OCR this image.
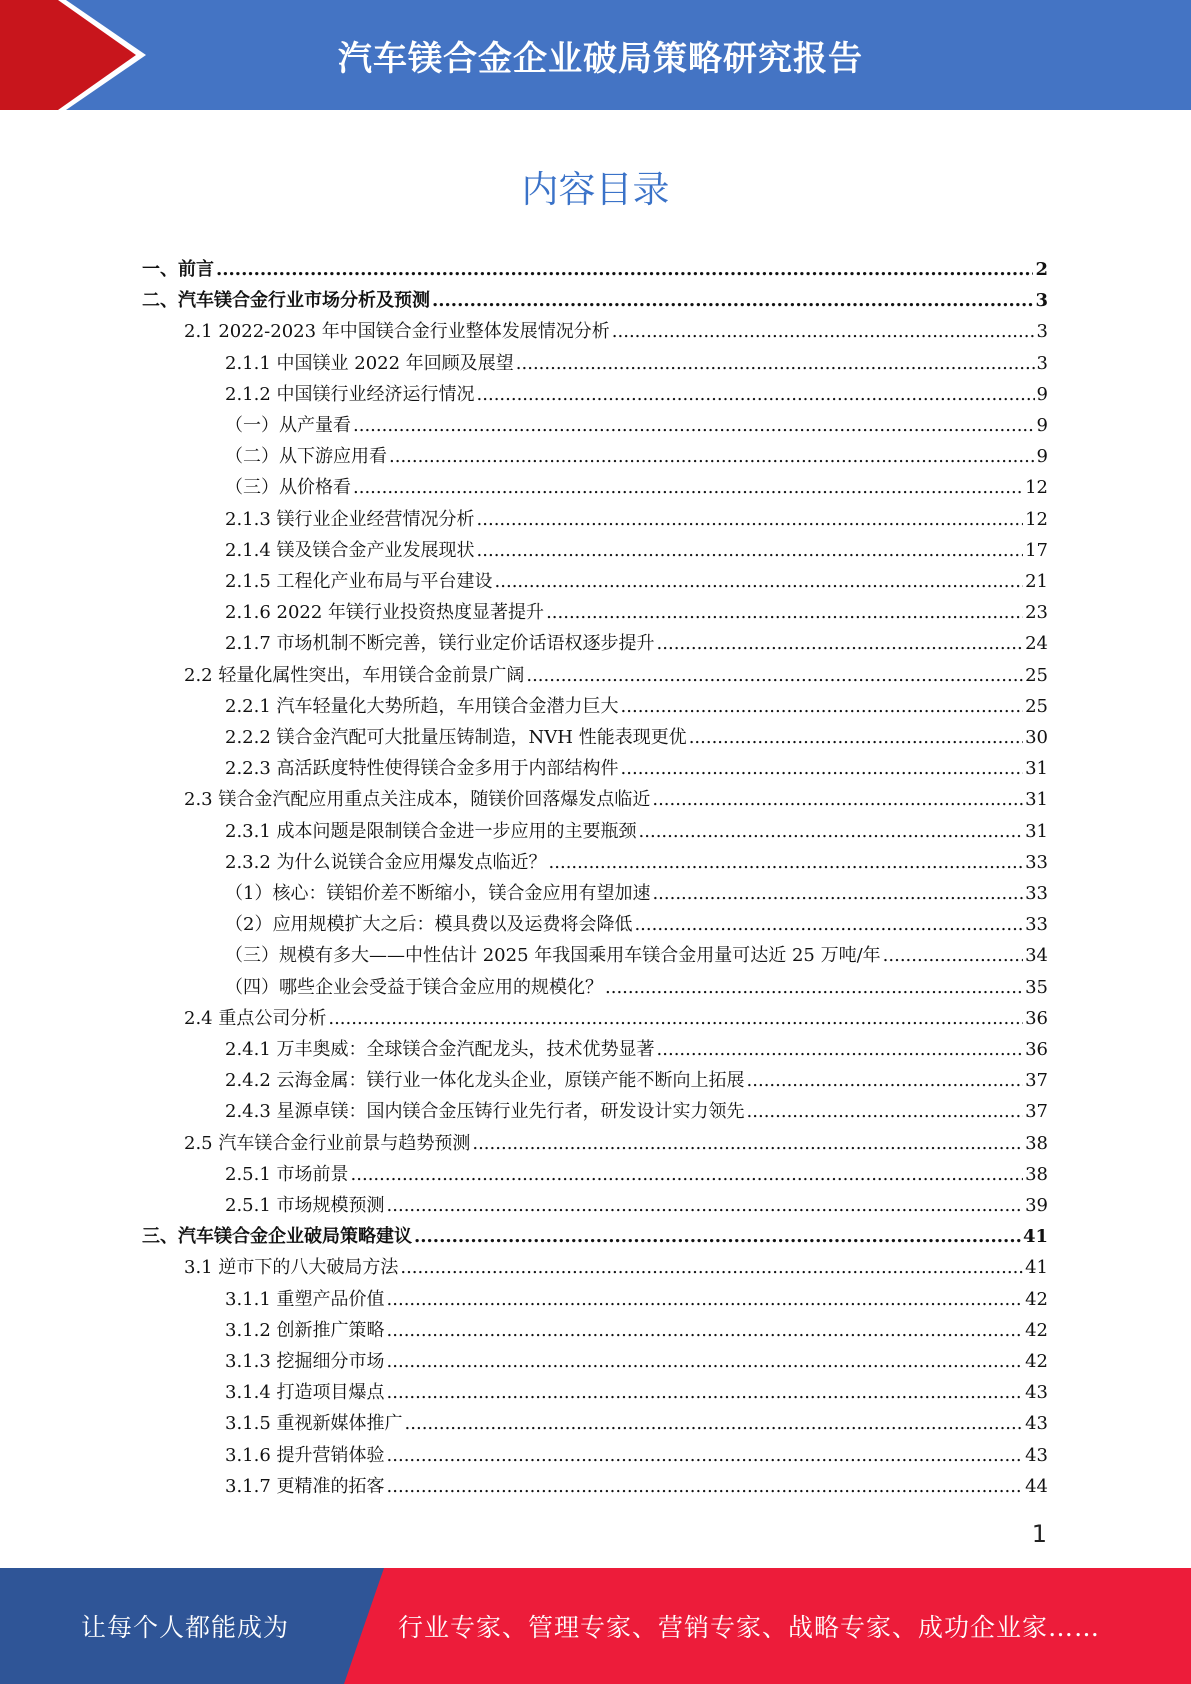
汽车镁合金企业破局策略研究报告
内容目录
一、前言 .....	2
二、汽车镁合金行业市场分析及预测 .....	3
2.1 2022-2023 年中国镁合金行业整体发展情况分析 .....	3
2.1.1 中国镁业 2022 年回顾及展望 .....	3
2.1.2 中国镁行业经济运行情况 .....	9
（一）从产量看 .....	9
（二）从下游应用看 .....	9
（三）从价格看 .....	12
2.1.3 镁行业企业经营情况分析 .....	12
2.1.4 镁及镁合金产业发展现状 .....	17
2.1.5 工程化产业布局与平台建设 .....	21
2.1.6 2022 年镁行业投资热度显著提升 .....	23
2.1.7 市场机制不断完善，镁行业定价话语权逐步提升 .....	24
2.2 轻量化属性突出，车用镁合金前景广阔 .....	25
2.2.1 汽车轻量化大势所趋，车用镁合金潜力巨大 .....	25
2.2.2 镁合金汽配可大批量压铸制造，NVH 性能表现更优 .....	30
2.2.3 高活跃度特性使得镁合金多用于内部结构件 .....	31
2.3 镁合金汽配应用重点关注成本，随镁价回落爆发点临近 .....	31
2.3.1 成本问题是限制镁合金进一步应用的主要瓶颈 .....	31
2.3.2 为什么说镁合金应用爆发点临近？ .....	33
（1）核心：镁铝价差不断缩小，镁合金应用有望加速 .....	33
（2）应用规模扩大之后：模具费以及运费将会降低 .....	33
（三）规模有多大——中性估计 2025 年我国乘用车镁合金用量可达近 25 万吨/年 .....	34
（四）哪些企业会受益于镁合金应用的规模化？ .....	35
2.4 重点公司分析 .....	36
2.4.1 万丰奥威：全球镁合金汽配龙头，技术优势显著 .....	36
2.4.2 云海金属：镁行业一体化龙头企业，原镁产能不断向上拓展 .....	37
2.4.3 星源卓镁：国内镁合金压铸行业先行者，研发设计实力领先 .....	37
2.5 汽车镁合金行业前景与趋势预测 .....	38
2.5.1 市场前景 .....	38
2.5.1 市场规模预测 .....	39
三、汽车镁合金企业破局策略建议 .....	41
3.1 逆市下的八大破局方法 .....	41
3.1.1 重塑产品价值 .....	42
3.1.2 创新推广策略 .....	42
3.1.3 挖掘细分市场 .....	42
3.1.4 打造项目爆点 .....	43
3.1.5 重视新媒体推广 .....	43
3.1.6 提升营销体验 .....	43
3.1.7 更精准的拓客 .....	44
1
让每个人都能成为	行业专家、管理专家、营销专家、战略专家、成功企业家……
